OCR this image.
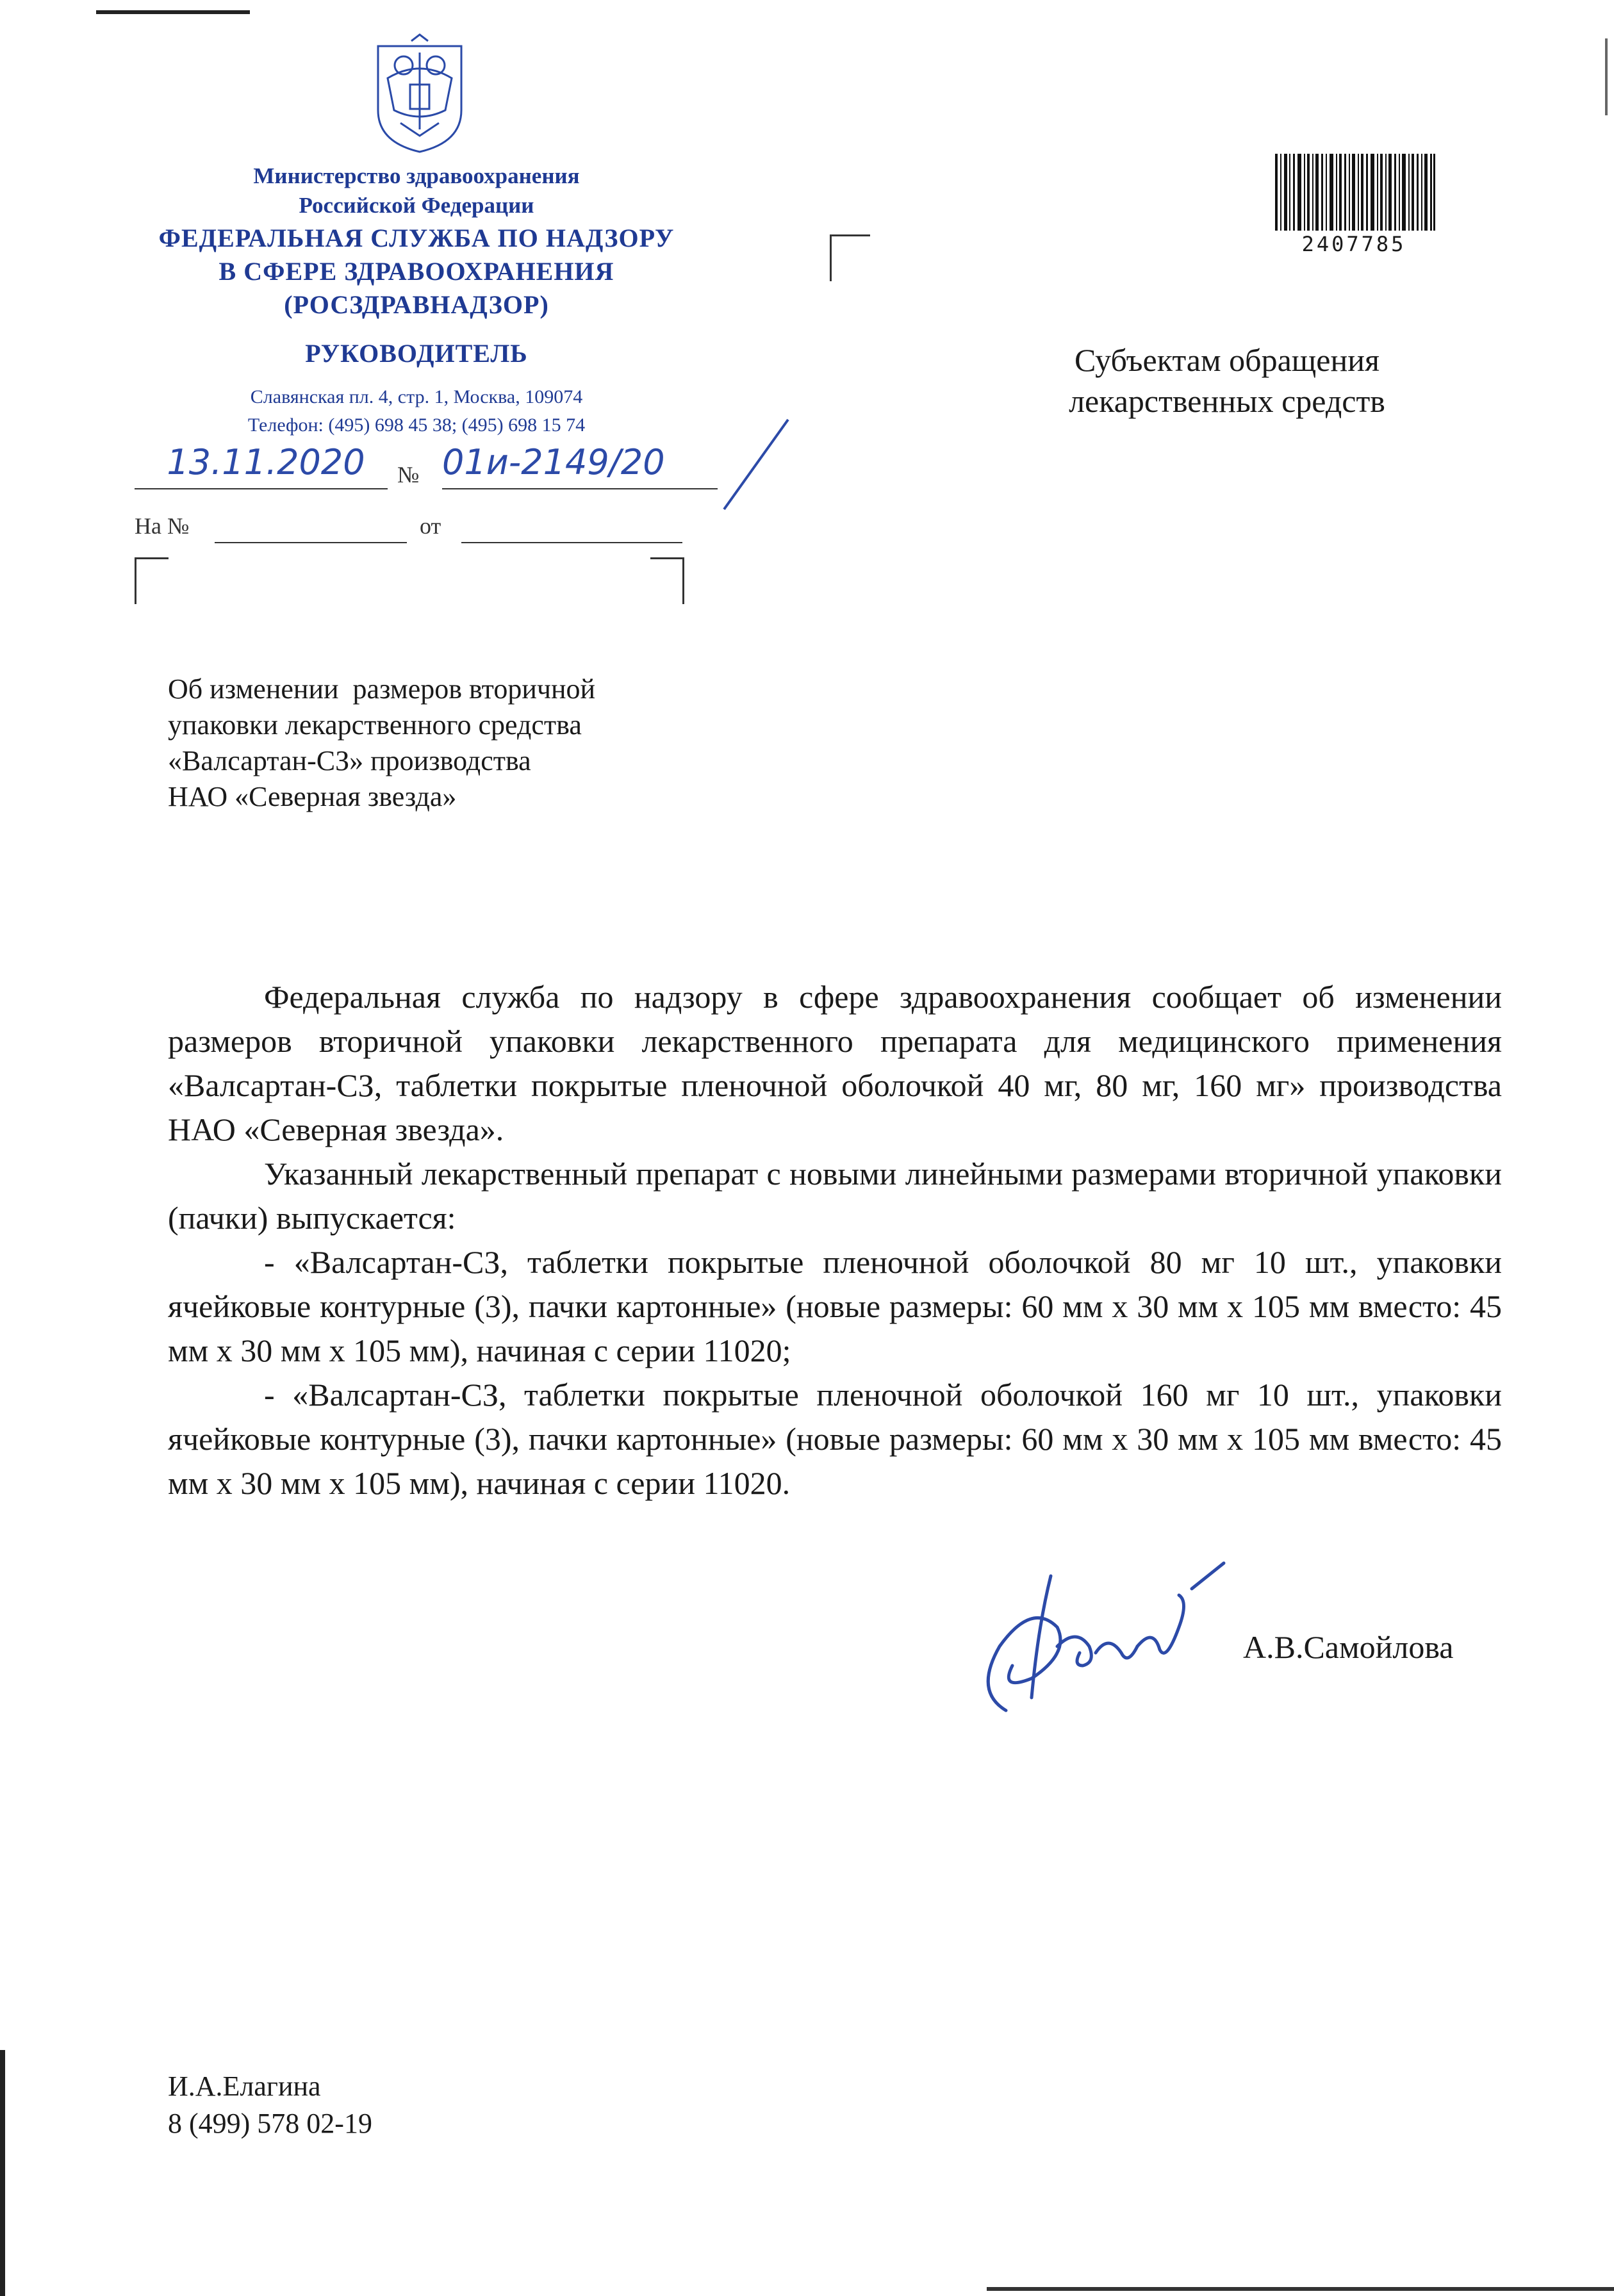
Министерство здравоохранения
Российской Федерации
ФЕДЕРАЛЬНАЯ СЛУЖБА ПО НАДЗОРУ
В СФЕРЕ ЗДРАВООХРАНЕНИЯ
(РОСЗДРАВНАДЗОР)
РУКОВОДИТЕЛЬ
Славянская пл. 4, стр. 1, Москва, 109074
Телефон: (495) 698 45 38; (495) 698 15 74
13.11.2020	№ 01и-2149/20
На №	от
2407785
Субъектам обращения
лекарственных средств
Об изменении  размеров вторичной
упаковки лекарственного средства
«Валсартан-СЗ» производства
НАО «Северная звезда»

Федеральная служба по надзору в сфере здравоохранения сообщает об изменении размеров вторичной упаковки лекарственного препарата для медицинского применения «Валсартан-СЗ, таблетки покрытые пленочной оболочкой 40 мг, 80 мг, 160 мг» производства НАО «Северная звезда».

Указанный лекарственный препарат с новыми линейными размерами вторичной упаковки (пачки) выпускается:

- «Валсартан-СЗ, таблетки покрытые пленочной оболочкой 80 мг 10 шт., упаковки ячейковые контурные (3), пачки картонные» (новые размеры: 60 мм х 30 мм х 105 мм вместо: 45 мм х 30 мм х 105 мм), начиная с серии 11020;

- «Валсартан-СЗ, таблетки покрытые пленочной оболочкой 160 мг 10 шт., упаковки ячейковые контурные (3), пачки картонные» (новые размеры: 60 мм х 30 мм х 105 мм вместо: 45 мм х 30 мм х 105 мм), начиная с серии 11020.

А.В.Самойлова
И.А.Елагина
8 (499) 578 02-19
